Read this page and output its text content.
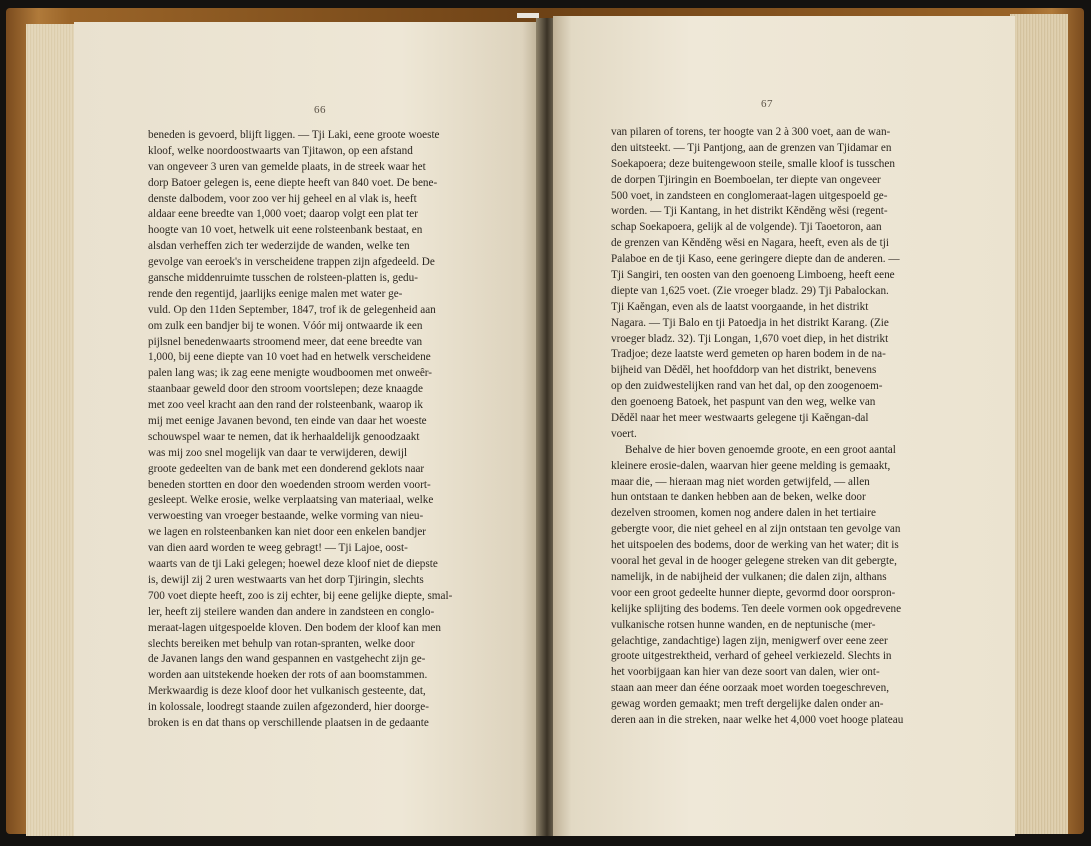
66
beneden is gevoerd, blijft liggen. — Tji Laki, eene groote woeste
kloof, welke noordoostwaarts van Tjitawon, op een afstand
van ongeveer 3 uren van gemelde plaats, in de streek waar het
dorp Batoer gelegen is, eene diepte heeft van 840 voet. De bene-
denste dalbodem, voor zoo ver hij geheel en al vlak is, heeft
aldaar eene breedte van 1,000 voet; daarop volgt een plat ter
hoogte van 10 voet, hetwelk uit eene rolsteenbank bestaat, en
alsdan verheffen zich ter wederzijde de wanden, welke ten
gevolge van eeroek's in verscheidene trappen zijn afgedeeld. De
gansche middenruimte tusschen de rolsteen-platten is, gedu-
rende den regentijd, jaarlijks eenige malen met water ge-
vuld. Op den 11den September, 1847, trof ik de gelegenheid aan
om zulk een bandjer bij te wonen. Vóór mij ontwaarde ik een
pijlsnel benedenwaarts stroomend meer, dat eene breedte van
1,000, bij eene diepte van 10 voet had en hetwelk verscheidene
palen lang was; ik zag eene menigte woudboomen met onweêr-
staanbaar geweld door den stroom voortslepen; deze knaagde
met zoo veel kracht aan den rand der rolsteenbank, waarop ik
mij met eenige Javanen bevond, ten einde van daar het woeste
schouwspel waar te nemen, dat ik herhaaldelijk genoodzaakt
was mij zoo snel mogelijk van daar te verwijderen, dewijl
groote gedeelten van de bank met een donderend geklots naar
beneden stortten en door den woedenden stroom werden voort-
gesleept. Welke erosie, welke verplaatsing van materiaal, welke
verwoesting van vroeger bestaande, welke vorming van nieu-
we lagen en rolsteenbanken kan niet door een enkelen bandjer
van dien aard worden te weeg gebragt! — Tji Lajoe, oost-
waarts van de tji Laki gelegen; hoewel deze kloof niet de diepste
is, dewijl zij 2 uren westwaarts van het dorp Tjiringin, slechts
700 voet diepte heeft, zoo is zij echter, bij eene gelijke diepte, smal-
ler, heeft zij steilere wanden dan andere in zandsteen en conglo-
meraat-lagen uitgespoelde kloven. Den bodem der kloof kan men
slechts bereiken met behulp van rotan-spranten, welke door
de Javanen langs den wand gespannen en vastgehecht zijn ge-
worden aan uitstekende hoeken der rots of aan boomstammen.
Merkwaardig is deze kloof door het vulkanisch gesteente, dat,
in kolossale, loodregt staande zuilen afgezonderd, hier doorge-
broken is en dat thans op verschillende plaatsen in de gedaante
67
van pilaren of torens, ter hoogte van 2 à 300 voet, aan de wan-
den uitsteekt. — Tji Pantjong, aan de grenzen van Tjidamar en
Soekapoera; deze buitengewoon steile, smalle kloof is tusschen
de dorpen Tjiringin en Boemboelan, ter diepte van ongeveer
500 voet, in zandsteen en conglomeraat-lagen uitgespoeld ge-
worden. — Tji Kantang, in het distrikt Kĕndĕng wĕsi (regent-
schap Soekapoera, gelijk al de volgende). Tji Taoetoron, aan
de grenzen van Kĕndĕng wĕsi en Nagara, heeft, even als de tji
Palaboe en de tji Kaso, eene geringere diepte dan de anderen. —
Tji Sangiri, ten oosten van den goenoeng Limboeng, heeft eene
diepte van 1,625 voet. (Zie vroeger bladz. 29) Tji Pabalockan.
Tji Kaĕngan, even als de laatst voorgaande, in het distrikt
Nagara. — Tji Balo en tji Patoedja in het distrikt Karang. (Zie
vroeger bladz. 32). Tji Longan, 1,670 voet diep, in het distrikt
Tradjoe; deze laatste werd gemeten op haren bodem in de na-
bijheid van Dĕdĕl, het hoofddorp van het distrikt, benevens
op den zuidwestelijken rand van het dal, op den zoogenoem-
den goenoeng Batoek, het paspunt van den weg, welke van
Dĕdĕl naar het meer westwaarts gelegene tji Kaĕngan-dal
voert.
Behalve de hier boven genoemde groote, en een groot aantal
kleinere erosie-dalen, waarvan hier geene melding is gemaakt,
maar die, — hieraan mag niet worden getwijfeld, — allen
hun ontstaan te danken hebben aan de beken, welke door
dezelven stroomen, komen nog andere dalen in het tertiaire
gebergte voor, die niet geheel en al zijn ontstaan ten gevolge van
het uitspoelen des bodems, door de werking van het water; dit is
vooral het geval in de hooger gelegene streken van dit gebergte,
namelijk, in de nabijheid der vulkanen; die dalen zijn, althans
voor een groot gedeelte hunner diepte, gevormd door oorspron-
kelijke splijting des bodems. Ten deele vormen ook opgedrevene
vulkanische rotsen hunne wanden, en de neptunische (mer-
gelachtige, zandachtige) lagen zijn, menigwerf over eene zeer
groote uitgestrektheid, verhard of geheel verkiezeld. Slechts in
het voorbijgaan kan hier van deze soort van dalen, wier ont-
staan aan meer dan ééne oorzaak moet worden toegeschreven,
gewag worden gemaakt; men treft dergelijke dalen onder an-
deren aan in die streken, naar welke het 4,000 voet hooge plateau
